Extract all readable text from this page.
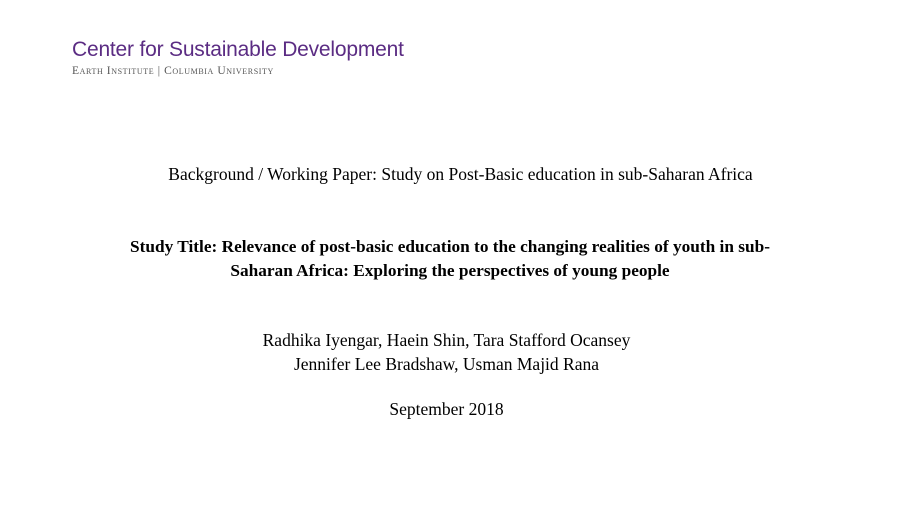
Center for Sustainable Development
Earth Institute | Columbia University
Background / Working Paper: Study on Post-Basic education in sub-Saharan Africa
Study Title: Relevance of post-basic education to the changing realities of youth in sub-
Saharan Africa: Exploring the perspectives of young people
Radhika Iyengar, Haein Shin, Tara Stafford Ocansey
Jennifer Lee Bradshaw, Usman Majid Rana
September 2018
